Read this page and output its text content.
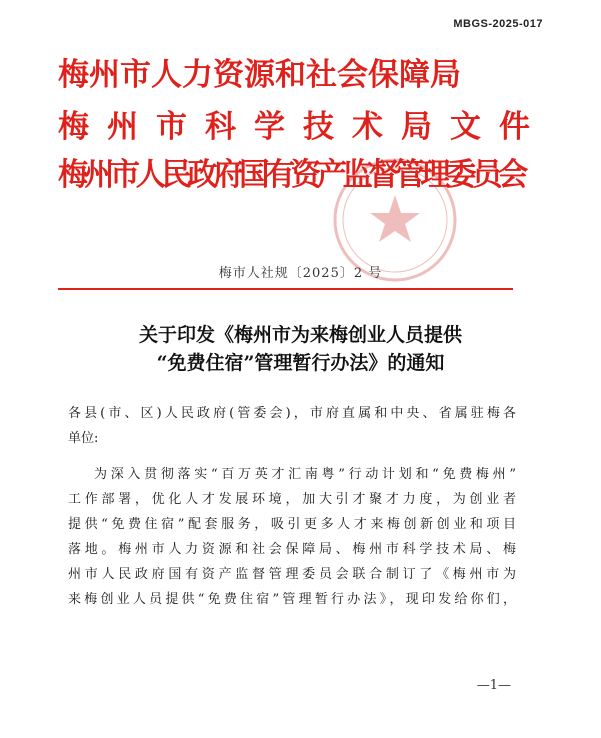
MBGS-2025-017
梅州市人力资源和社会保障局
梅州市科学技术局文件
梅州市人民政府国有资产监督管理委员会
梅市人社规〔2025〕2 号
关于印发《梅州市为来梅创业人员提供
“免费住宿”管理暂行办法》的通知
各县(市、区)人民政府(管委会)，市府直属和中央、省属驻梅各
单位:
为深入贯彻落实“百万英才汇南粤”行动计划和“免费梅州”
工作部署，优化人才发展环境，加大引才聚才力度，为创业者
提供“免费住宿”配套服务，吸引更多人才来梅创新创业和项目
落地。梅州市人力资源和社会保障局、梅州市科学技术局、梅
州市人民政府国有资产监督管理委员会联合制订了《梅州市为
来梅创业人员提供“免费住宿”管理暂行办法》，现印发给你们，
—1—
